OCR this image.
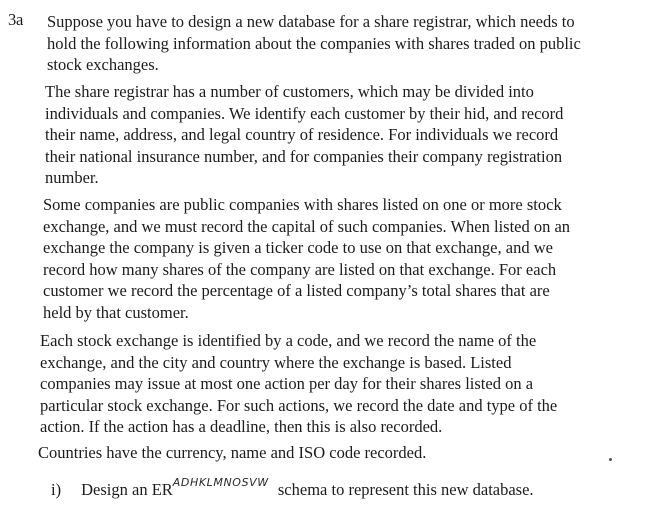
3a Suppose you have to design a new database for a share registrar, which needs to
hold the following information about the companies with shares traded on public
stock exchanges.

The share registrar has a number of customers, which may be divided into
individuals and companies. We identify each customer by their hid, and record
their name, address, and legal country of residence. For individuals we record
their national insurance number, and for companies their company registration
number.

Some companies are public companies with shares listed on one or more stock
exchange, and we must record the capital of such companies. When listed on an
exchange the company is given a ticker code to use on that exchange, and we
record how many shares of the company are listed on that exchange. For each
customer we record the percentage of a listed company’s total shares that are
held by that customer.

Each stock exchange is identified by a code, and we record the name of the
exchange, and the city and country where the exchange is based. Listed
companies may issue at most one action per day for their shares listed on a
particular stock exchange. For such actions, we record the date and type of the
action. If the action has a deadline, then this is also recorded.

Countries have the currency, name and ISO code recorded.

i) Design an $ER^{ADHKLMNOSVW}$ schema to represent this new database.
